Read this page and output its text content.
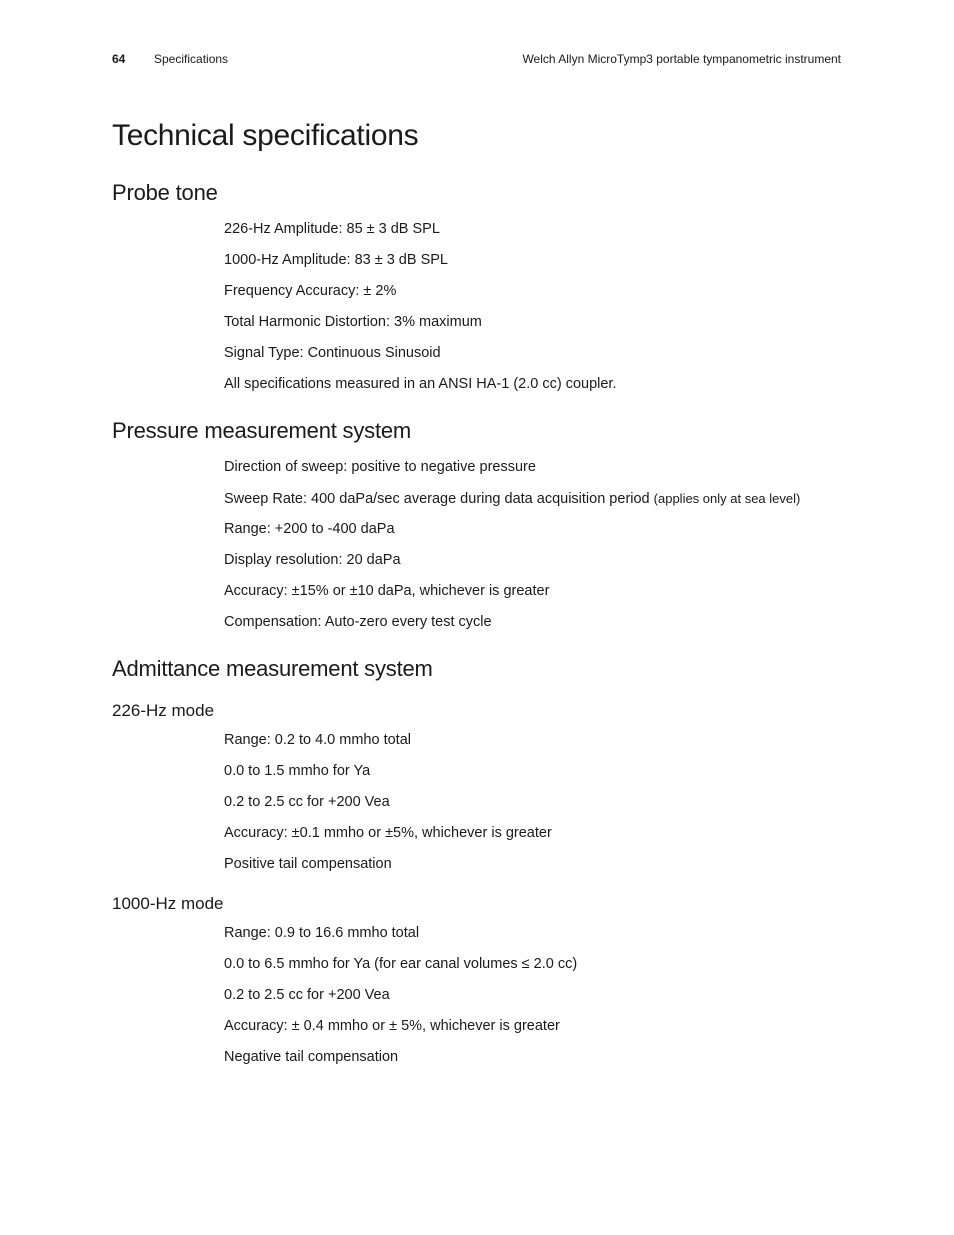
64 Specifications	Welch Allyn MicroTymp3 portable tympanometric instrument
Technical specifications
Probe tone
226-Hz Amplitude: 85 ± 3 dB SPL
1000-Hz Amplitude: 83 ± 3 dB SPL
Frequency Accuracy: ± 2%
Total Harmonic Distortion: 3% maximum
Signal Type: Continuous Sinusoid
All specifications measured in an ANSI HA-1 (2.0 cc) coupler.
Pressure measurement system
Direction of sweep: positive to negative pressure
Sweep Rate: 400 daPa/sec average during data acquisition period (applies only at sea level)
Range: +200 to -400 daPa
Display resolution: 20 daPa
Accuracy: ±15% or ±10 daPa, whichever is greater
Compensation: Auto-zero every test cycle
Admittance measurement system
226-Hz mode
Range: 0.2 to 4.0 mmho total
0.0 to 1.5 mmho for Ya
0.2 to 2.5 cc for +200 Vea
Accuracy: ±0.1 mmho or ±5%, whichever is greater
Positive tail compensation
1000-Hz mode
Range: 0.9 to 16.6 mmho total
0.0 to 6.5 mmho for Ya (for ear canal volumes ≤ 2.0 cc)
0.2 to 2.5 cc for +200 Vea
Accuracy: ± 0.4 mmho or ± 5%, whichever is greater
Negative tail compensation
